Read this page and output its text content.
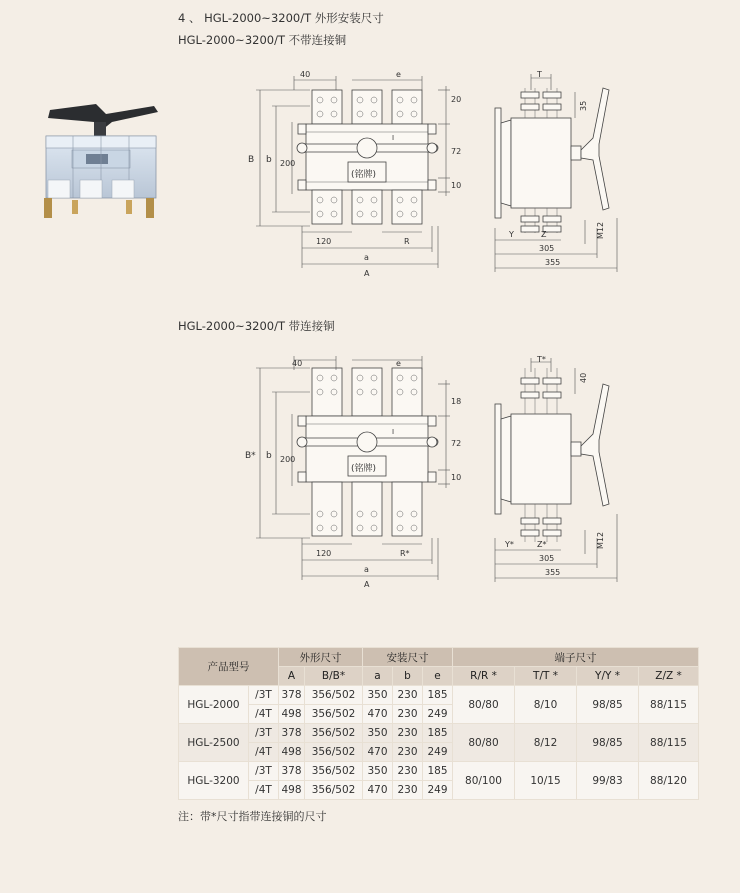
4 、 HGL-2000~3200/T 外形安装尺寸
HGL-2000~3200/T 不带连接铜
HGL-2000~3200/T 带连接铜
I
(铭牌)
40	e
20
72
10
B b 200
120	R
a
A
T
35
Y	Z	M12
305
355
I
(铭牌)
40	e
18
72
10
B* b 200
120	R*
a
A
T*
40
Y*	Z*	M12
305
355
产品型号		外形尺寸		安装尺寸			端子尺寸			
		A	B/B*	a	b	e	R/R *	T/T *	Y/Y *	Z/Z *
HGL-2000	/3T	378	356/502	350	230	185	80/80	8/10	98/85	88/115
	/4T	498	356/502	470	230	249				
HGL-2500	/3T	378	356/502	350	230	185	80/80	8/12	98/85	88/115
	/4T	498	356/502	470	230	249				
HGL-3200	/3T	378	356/502	350	230	185	80/100	10/15	99/83	88/120
	/4T	498	356/502	470	230	249				
注：带*尺寸指带连接铜的尺寸
